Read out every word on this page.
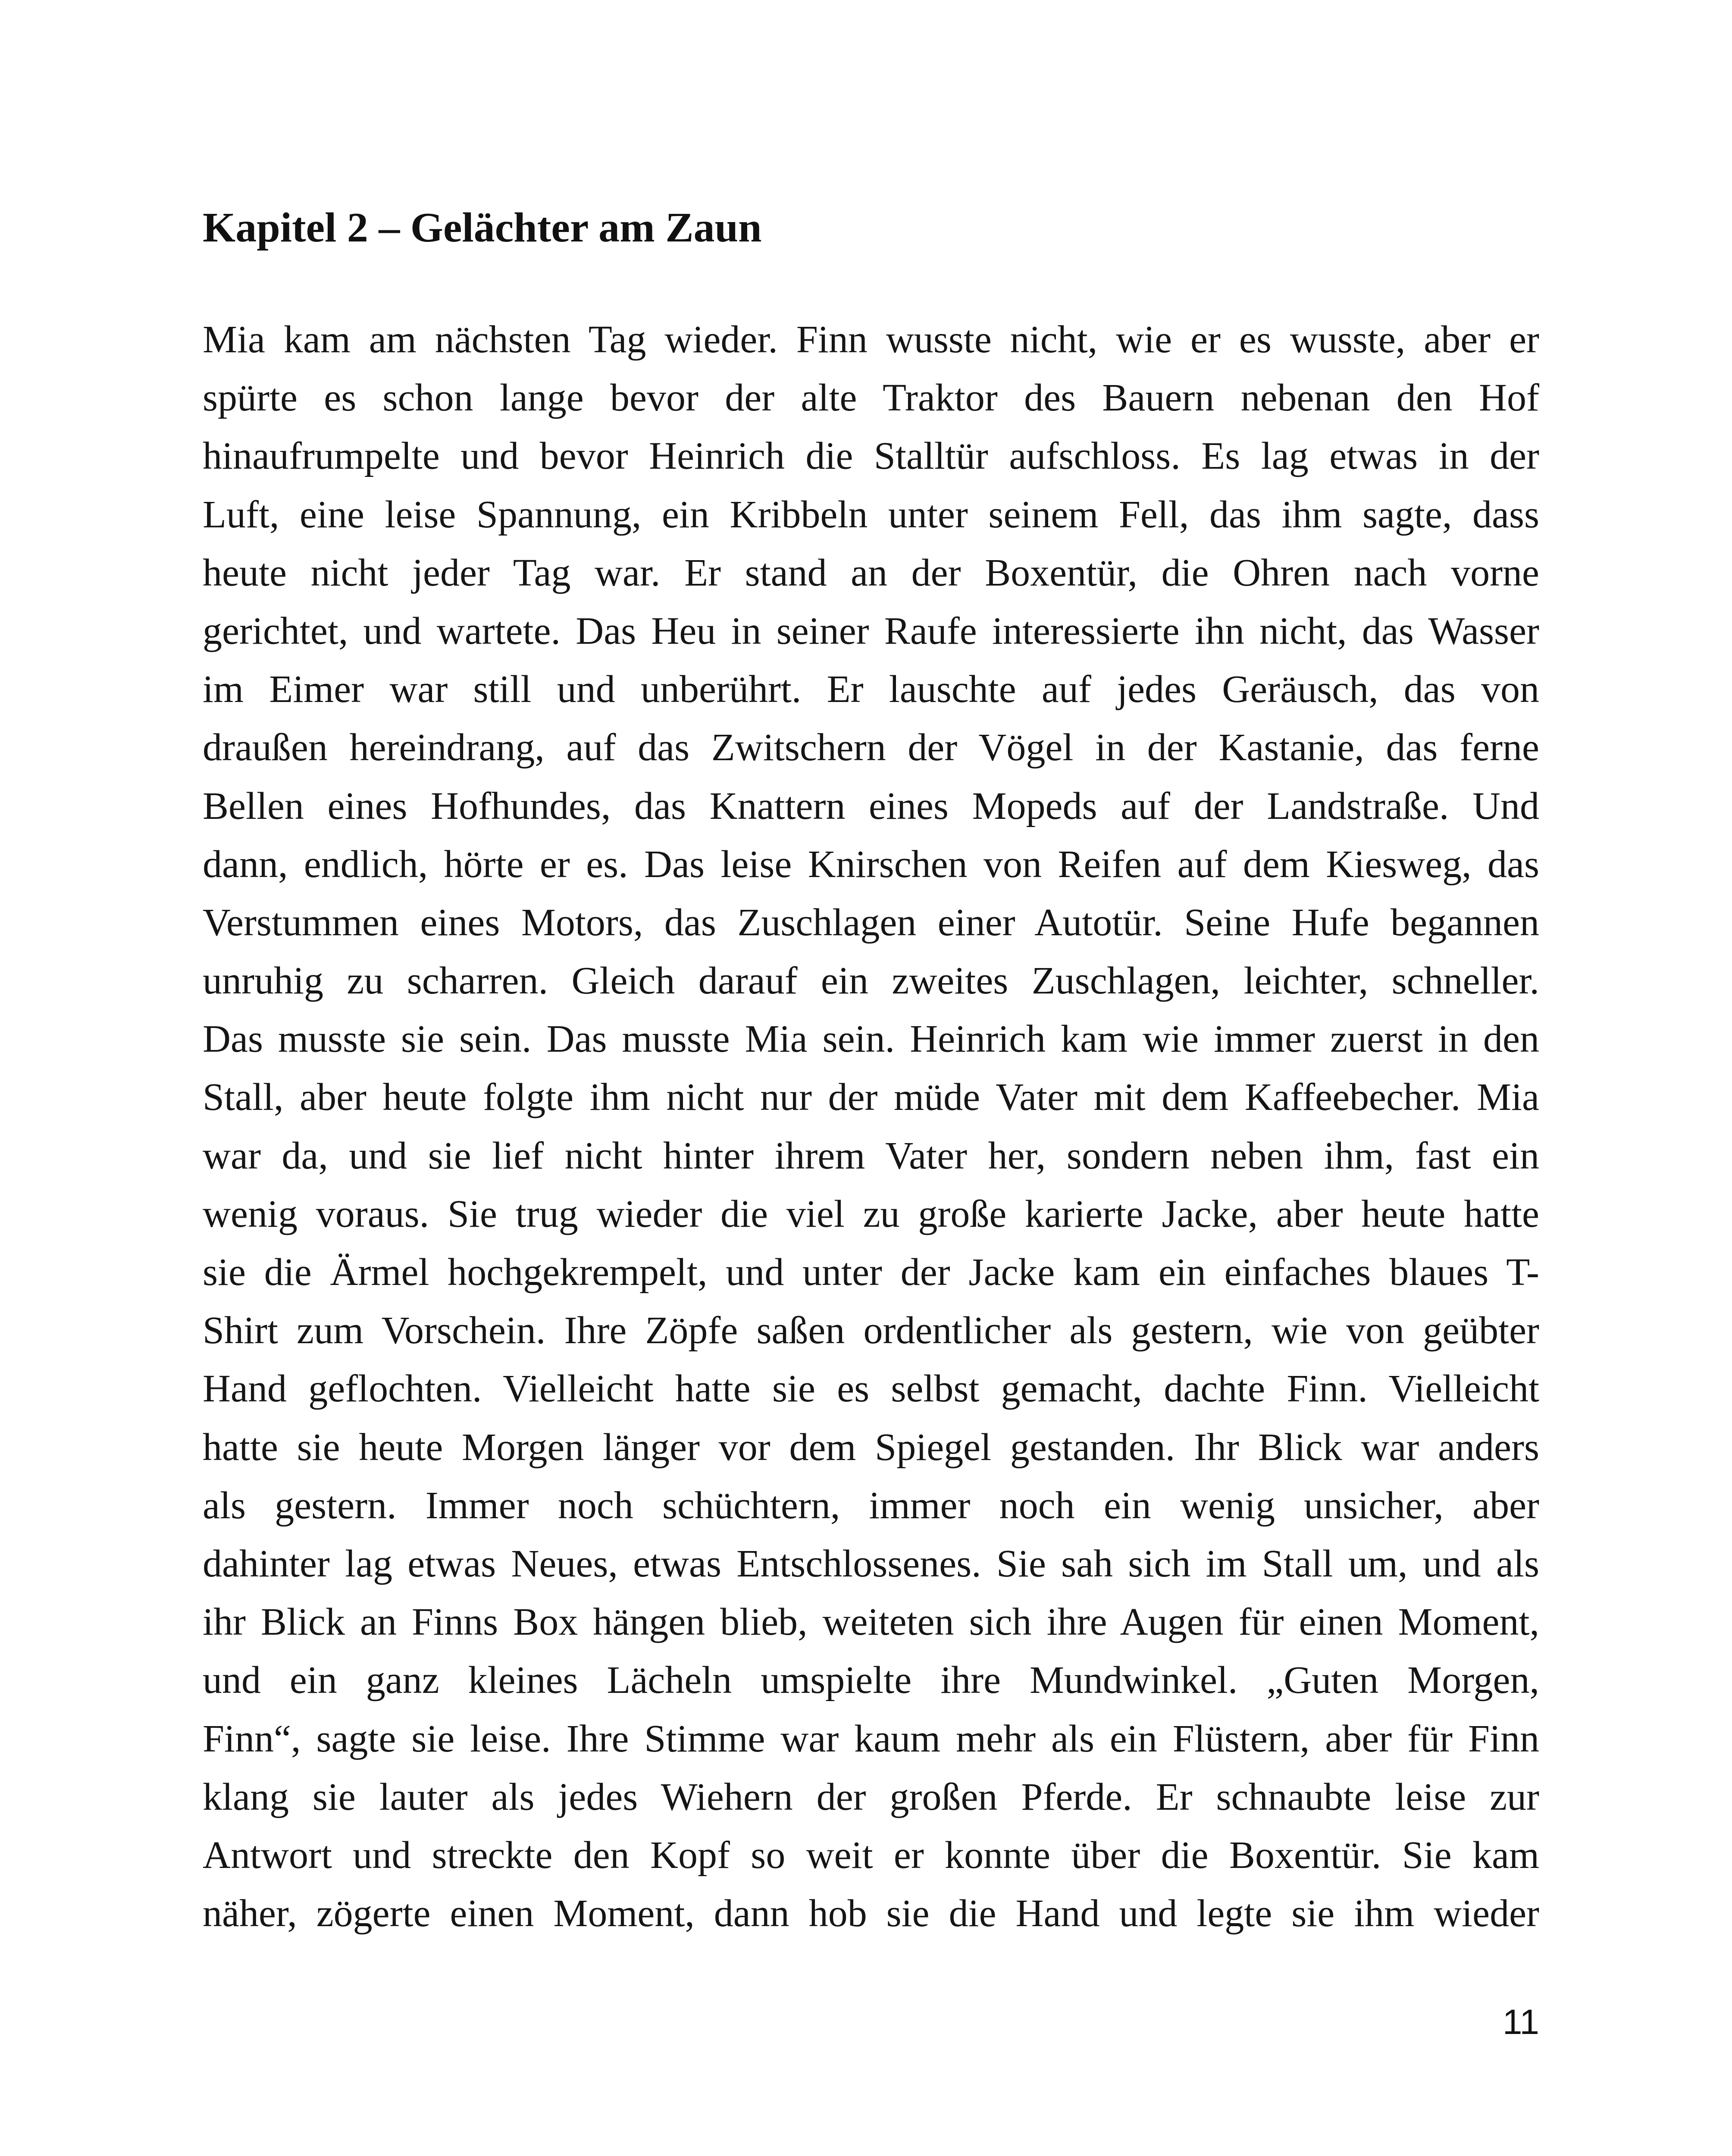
Kapitel 2 – Gelächter am Zaun
Mia kam am nächsten Tag wieder. Finn wusste nicht, wie er es wusste, aber er
spürte es schon lange bevor der alte Traktor des Bauern nebenan den Hof
hinaufrumpelte und bevor Heinrich die Stalltür aufschloss. Es lag etwas in der
Luft, eine leise Spannung, ein Kribbeln unter seinem Fell, das ihm sagte, dass
heute nicht jeder Tag war. Er stand an der Boxentür, die Ohren nach vorne
gerichtet, und wartete. Das Heu in seiner Raufe interessierte ihn nicht, das Wasser
im Eimer war still und unberührt. Er lauschte auf jedes Geräusch, das von
draußen hereindrang, auf das Zwitschern der Vögel in der Kastanie, das ferne
Bellen eines Hofhundes, das Knattern eines Mopeds auf der Landstraße. Und
dann, endlich, hörte er es. Das leise Knirschen von Reifen auf dem Kiesweg, das
Verstummen eines Motors, das Zuschlagen einer Autotür. Seine Hufe begannen
unruhig zu scharren. Gleich darauf ein zweites Zuschlagen, leichter, schneller.
Das musste sie sein. Das musste Mia sein. Heinrich kam wie immer zuerst in den
Stall, aber heute folgte ihm nicht nur der müde Vater mit dem Kaffeebecher. Mia
war da, und sie lief nicht hinter ihrem Vater her, sondern neben ihm, fast ein
wenig voraus. Sie trug wieder die viel zu große karierte Jacke, aber heute hatte
sie die Ärmel hochgekrempelt, und unter der Jacke kam ein einfaches blaues T-
Shirt zum Vorschein. Ihre Zöpfe saßen ordentlicher als gestern, wie von geübter
Hand geflochten. Vielleicht hatte sie es selbst gemacht, dachte Finn. Vielleicht
hatte sie heute Morgen länger vor dem Spiegel gestanden. Ihr Blick war anders
als gestern. Immer noch schüchtern, immer noch ein wenig unsicher, aber
dahinter lag etwas Neues, etwas Entschlossenes. Sie sah sich im Stall um, und als
ihr Blick an Finns Box hängen blieb, weiteten sich ihre Augen für einen Moment,
und ein ganz kleines Lächeln umspielte ihre Mundwinkel. „Guten Morgen,
Finn“, sagte sie leise. Ihre Stimme war kaum mehr als ein Flüstern, aber für Finn
klang sie lauter als jedes Wiehern der großen Pferde. Er schnaubte leise zur
Antwort und streckte den Kopf so weit er konnte über die Boxentür. Sie kam
näher, zögerte einen Moment, dann hob sie die Hand und legte sie ihm wieder
11
